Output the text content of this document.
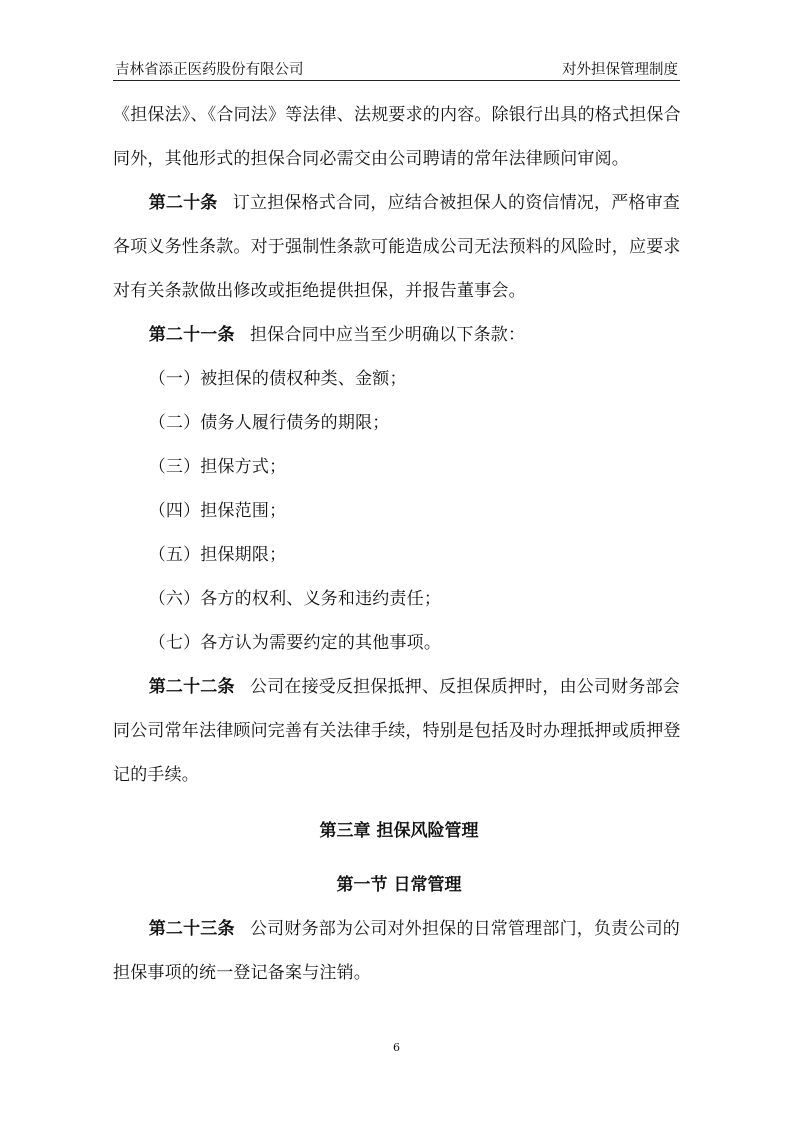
吉林省添正医药股份有限公司	对外担保管理制度

《担保法》、《合同法》等法律、法规要求的内容。除银行出具的格式担保合同外，其他形式的担保合同必需交由公司聘请的常年法律顾问审阅。

第二十条 订立担保格式合同，应结合被担保人的资信情况，严格审查各项义务性条款。对于强制性条款可能造成公司无法预料的风险时，应要求对有关条款做出修改或拒绝提供担保，并报告董事会。

第二十一条 担保合同中应当至少明确以下条款：

（一）被担保的债权种类、金额；

（二）债务人履行债务的期限；

（三）担保方式；

（四）担保范围；

（五）担保期限；

（六）各方的权利、义务和违约责任；

（七）各方认为需要约定的其他事项。

第二十二条 公司在接受反担保抵押、反担保质押时，由公司财务部会同公司常年法律顾问完善有关法律手续，特别是包括及时办理抵押或质押登记的手续。

第三章 担保风险管理

第一节 日常管理

第二十三条 公司财务部为公司对外担保的日常管理部门，负责公司的担保事项的统一登记备案与注销。

6
